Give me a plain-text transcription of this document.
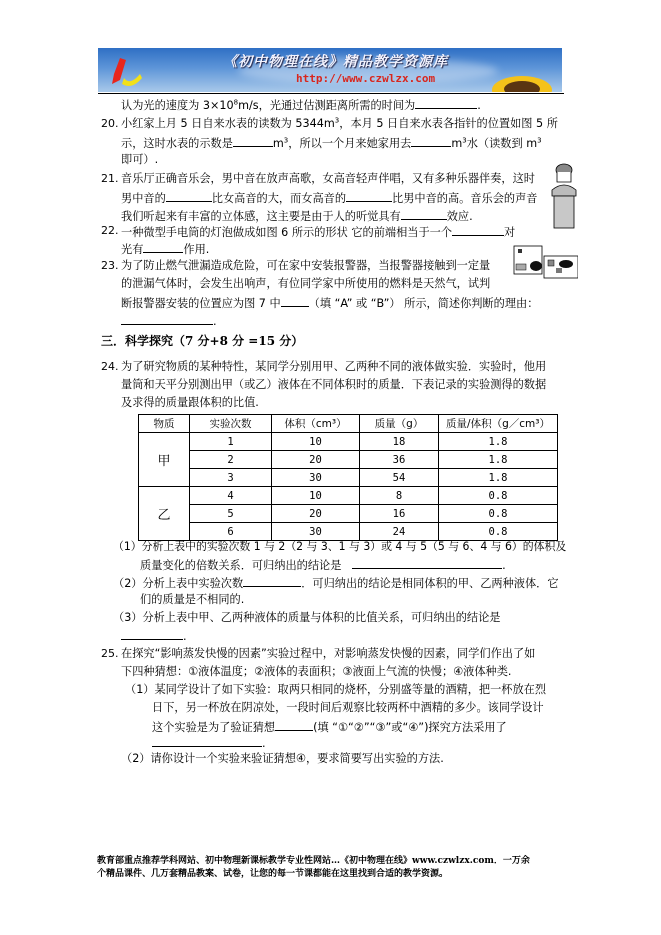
《初中物理在线》精品教学资源库
http://www.czwlzx.com
认为光的速度为 $3\times 10^8m/s$，光通过估测距离所需的时间为	.
20. 小红家上月 5 日自来水表的读数为 $5344m^3$，本月 5 日自来水表各指针的位置如图 5 所
示，这时水表的示数是	$m^3$，所以一个月来她家用去	$m^3$水（读数到 $m^3$
即可）.
21. 音乐厅正确音乐会，男中音在放声高歌，女高音轻声伴唱，又有多种乐器伴奏，这时
男中音的	比女高音的大，而女高音的	比男中音的高。音乐会的声音
我们听起来有丰富的立体感，这主要是由于人的听觉具有	效应.
22. 一种微型手电筒的灯泡做成如图 6 所示的形状 它的前端相当于一个	对
光有	作用.
23. 为了防止燃气泄漏造成危险，可在家中安装报警器，当报警器接触到一定量
的泄漏气体时，会发生出响声，有位同学家中所使用的燃料是天然气，试判
断报警器安装的位置应为图 7 中	（填 “A” 或 “B”） 所示，简述你判断的理由：
.
三．科学探究（7 分+8 分 =15 分）
24. 为了研究物质的某种特性，某同学分别用甲、乙两种不同的液体做实验．实验时，他用
量筒和天平分别测出甲（或乙）液体在不同体积时的质量．下表记录的实验测得的数据
及求得的质量跟体积的比值.
物质	实验次数	体积（cm³）	质量（g）	质量/体积（g／cm³）
甲	1	10	18	1.8
	2	20	36	1.8
	3	30	54	1.8
乙	4	10	8	0.8
	5	20	16	0.8
	6	30	24	0.8
（1）分析上表中的实验次数 1 与 2（2 与 3、1 与 3）或 4 与 5（5 与 6、4 与 6）的体积及
质量变化的倍数关系．可归纳出的结论是	.
（2）分析上表中实验次数	．可归纳出的结论是相同体积的甲、乙两种液体．它
们的质量是不相同的.
（3）分析上表中甲、乙两种液体的质量与体积的比值关系，可归纳出的结论是
.
25. 在探究“影响蒸发快慢的因素”实验过程中，对影响蒸发快慢的因素，同学们作出了如
下四种猜想：①液体温度；②液体的表面积；③液面上气流的快慢；④液体种类.
（1）某同学设计了如下实验：取两只相同的烧杯，分别盛等量的酒精，把一杯放在烈
日下，另一杯放在阴凉处，一段时间后观察比较两杯中酒精的多少。该同学设计
这个实验是为了验证猜想	(填 “①“②”“③”或“④”)探究方法采用了
.
（2）请你设计一个实验来验证猜想④，要求简要写出实验的方法.
教育部重点推荐学科网站、初中物理新课标教学专业性网站…《初中物理在线》www.czwlzx.com．一万余
个精品课件、几万套精品教案、试卷，让您的每一节课都能在这里找到合适的教学资源。
